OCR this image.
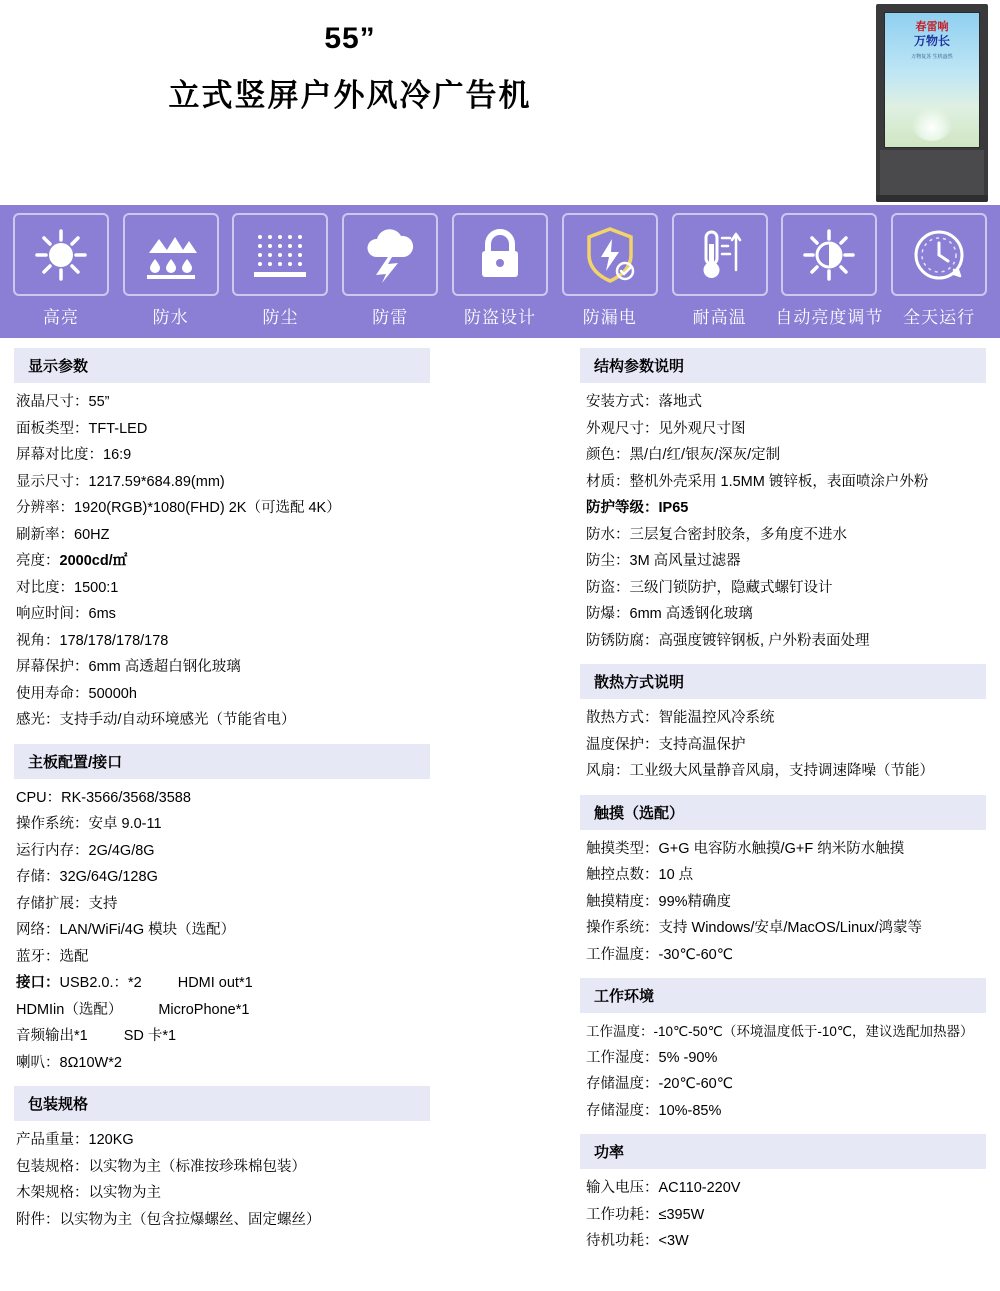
55”
立式竖屏户外风冷广告机
春雷响
万物长
万物复苏 生机盎然
高亮	防水	防尘	防雷	防盗设计	防漏电	耐高温 自动亮度调节 全天运行
显示参数
液晶尺寸：55”
面板类型：TFT-LED
屏幕对比度：16:9
显示尺寸：1217.59*684.89(mm)
分辨率：1920(RGB)*1080(FHD) 2K（可选配 4K）
刷新率：60HZ
亮度：2000cd/㎡
对比度：1500:1
响应时间：6ms
视角：178/178/178/178
屏幕保护：6mm 高透超白钢化玻璃
使用寿命：50000h
感光：支持手动/自动环境感光（节能省电）
主板配置/接口
CPU：RK-3566/3568/3588
操作系统：安卓 9.0-11
运行内存：2G/4G/8G
存储：32G/64G/128G
存储扩展：支持
网络：LAN/WiFi/4G 模块（选配）
蓝牙：选配
接口：USB2.0.：*2 HDMI out*1
HDMIin（选配） MicroPhone*1
音频输出*1 SD 卡*1
喇叭：8Ω10W*2
包装规格
产品重量：120KG
包装规格：以实物为主（标准按珍珠棉包装）
木架规格：以实物为主
附件：以实物为主（包含拉爆螺丝、固定螺丝）
结构参数说明
安装方式：落地式
外观尺寸：见外观尺寸图
颜色：黑/白/红/银灰/深灰/定制
材质：整机外壳采用 1.5MM 镀锌板，表面喷涂户外粉
防护等级：IP65
防水：三层复合密封胶条，多角度不进水
防尘：3M 高风量过滤器
防盗：三级门锁防护，隐藏式螺钉设计
防爆：6mm 高透钢化玻璃
防锈防腐：高强度镀锌钢板, 户外粉表面处理
散热方式说明
散热方式：智能温控风冷系统
温度保护：支持高温保护
风扇：工业级大风量静音风扇，支持调速降噪（节能）
触摸（选配）
触摸类型：G+G 电容防水触摸/G+F 纳米防水触摸
触控点数：10 点
触摸精度：99%精确度
操作系统：支持 Windows/安卓/MacOS/Linux/鸿蒙等
工作温度：-30℃-60℃
工作环境
工作温度：-10℃-50℃（环境温度低于-10℃，建议选配加热器）
工作湿度：5% -90%
存储温度：-20℃-60℃
存储湿度：10%-85%
功率
输入电压：AC110-220V
工作功耗：≤395W
待机功耗：<3W
